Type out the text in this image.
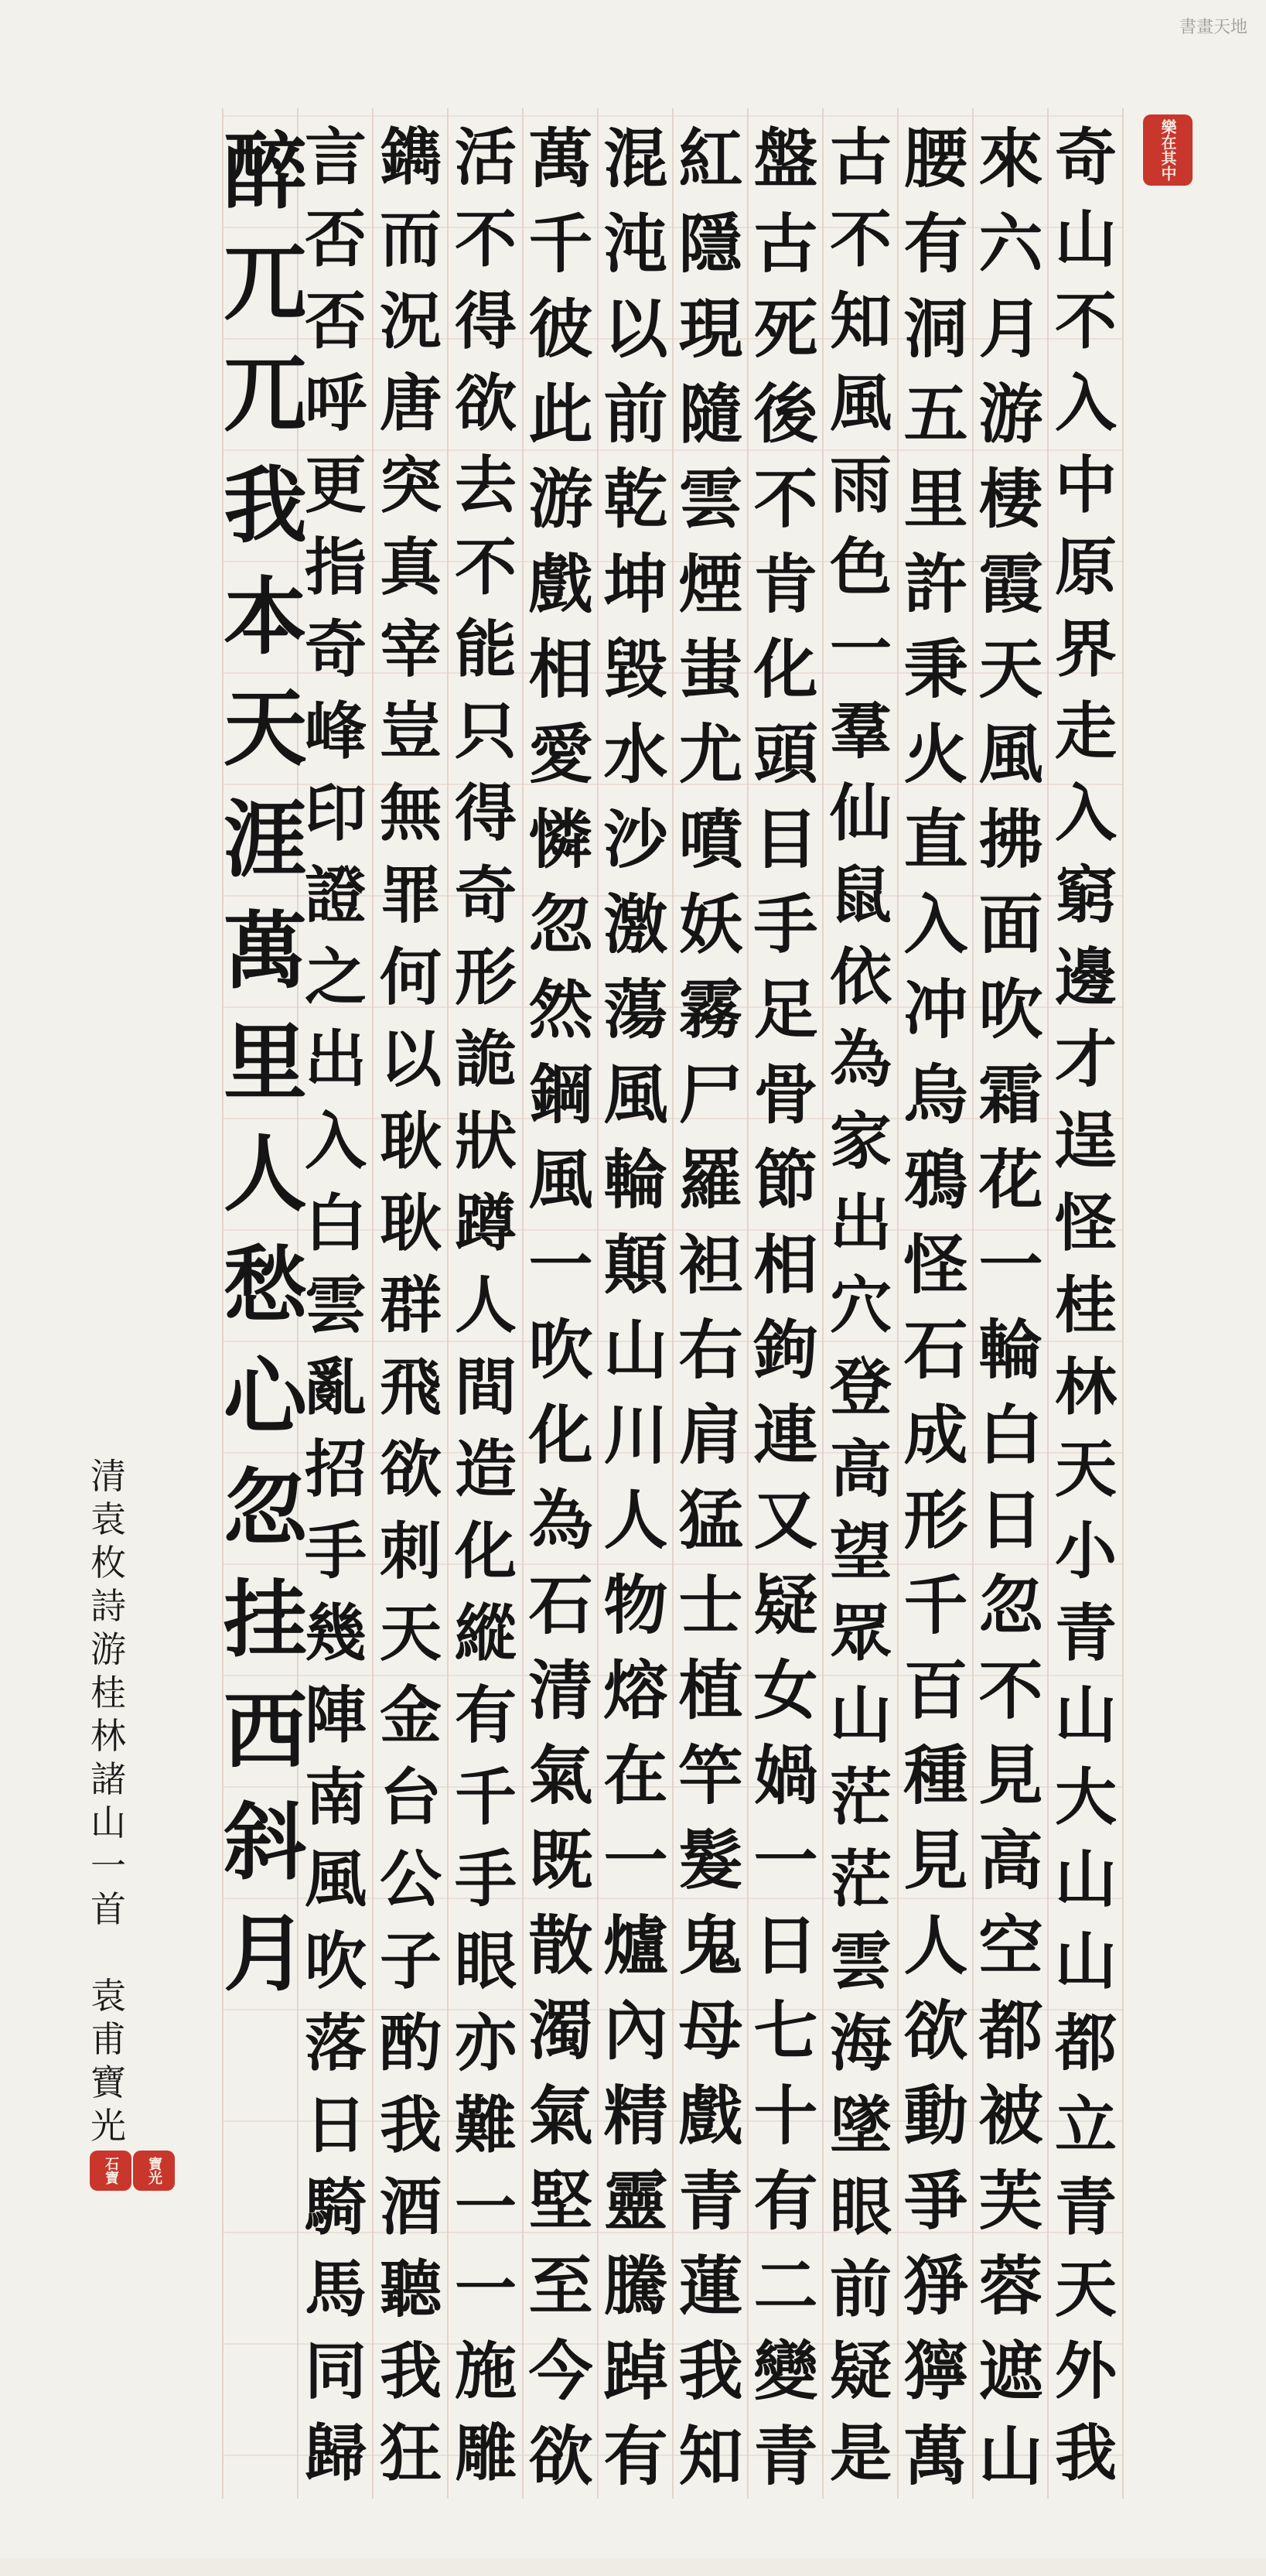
書畫天地
奇
山
不
入
中
原
界
走
入
窮
邊
才
逞
怪
桂
林
天
小
青
山
大
山
山
都
立
青
天
外
我
來
六
月
游
棲
霞
天
風
拂
面
吹
霜
花
一
輪
白
日
忽
不
見
高
空
都
被
芙
蓉
遮
山
腰
有
洞
五
里
許
秉
火
直
入
冲
烏
鴉
怪
石
成
形
千
百
種
見
人
欲
動
爭
猙
獰
萬
古
不
知
風
雨
色
一
羣
仙
鼠
依
為
家
出
穴
登
高
望
眾
山
茫
茫
雲
海
墜
眼
前
疑
是
盤
古
死
後
不
肯
化
頭
目
手
足
骨
節
相
鉤
連
又
疑
女
媧
一
日
七
十
有
二
變
青
紅
隱
現
隨
雲
煙
蚩
尤
噴
妖
霧
尸
羅
袒
右
肩
猛
士
植
竿
髮
鬼
母
戲
青
蓮
我
知
混
沌
以
前
乾
坤
毀
水
沙
激
蕩
風
輪
顛
山
川
人
物
熔
在
一
爐
內
精
靈
騰
踔
有
萬
千
彼
此
游
戲
相
愛
憐
忽
然
鋼
風
一
吹
化
為
石
清
氣
既
散
濁
氣
堅
至
今
欲
活
不
得
欲
去
不
能
只
得
奇
形
詭
狀
蹲
人
間
造
化
縱
有
千
手
眼
亦
難
一
一
施
雕
鐫
而
況
唐
突
真
宰
豈
無
罪
何
以
耿
耿
群
飛
欲
刺
天
金
台
公
子
酌
我
酒
聽
我
狂
言
否
否
呼
更
指
奇
峰
印
證
之
出
入
白
雲
亂
招
手
幾
陣
南
風
吹
落
日
騎
馬
同
歸
醉
兀
兀
我
本
天
涯
萬
里
人
愁
心
忽
挂
西
斜
月
清
袁
枚
詩
游
桂
林
諸
山
一
首
袁
甫
寶
光
樂在其中
石寶 寶光
